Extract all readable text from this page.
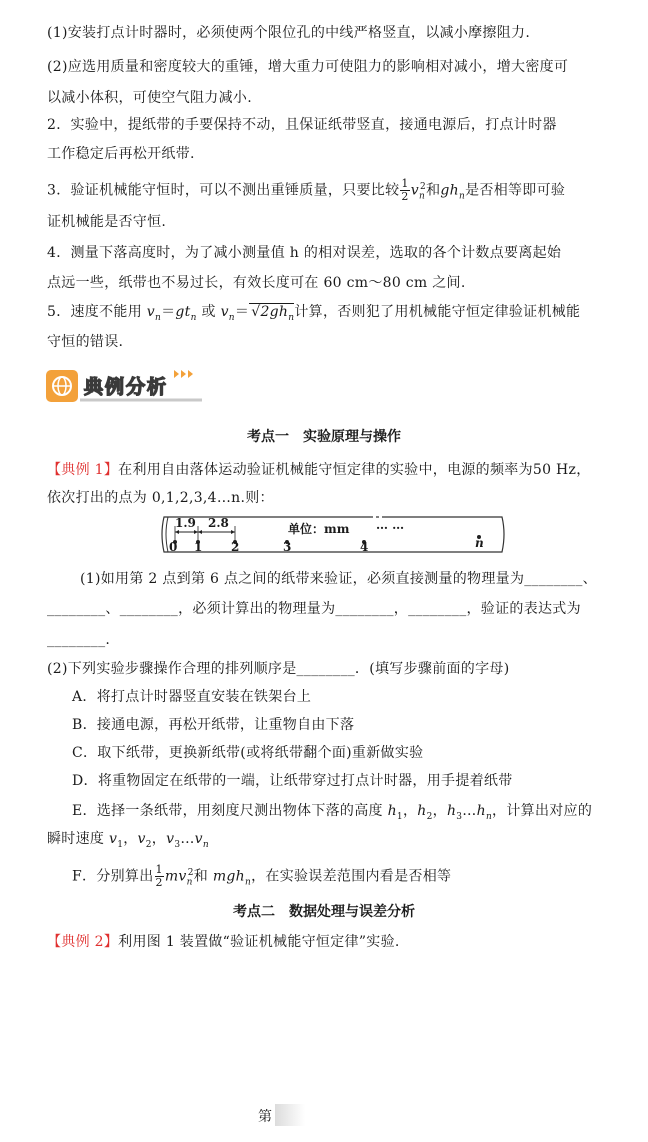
(1)安装打点计时器时，必须使两个限位孔的中线严格竖直，以减小摩擦阻力.
(2)应选用质量和密度较大的重锤，增大重力可使阻力的影响相对减小，增大密度可
以减小体积，可使空气阻力减小.
2．实验中，提纸带的手要保持不动，且保证纸带竖直，接通电源后，打点计时器
工作稳定后再松开纸带.
3．验证机械能守恒时，可以不测出重锤质量，只要比较 $\frac{1}{2} v_n^2$和$gh_n$是否相等即可验
证机械能是否守恒.
4．测量下落高度时，为了减小测量值 h 的相对误差，选取的各个计数点要离起始
点远一些，纸带也不易过长，有效长度可在 60 cm～80 cm 之间.
5．速度不能用 $v_n=gt_n$ 或 $v_n= √2gh_n$计算，否则犯了用机械能守恒定律验证机械能
守恒的错误.
典例分析
考点一　实验原理与操作
【典例 1】在利用自由落体运动验证机械能守恒定律的实验中，电源的频率为50 Hz，
依次打出的点为 0,1,2,3,4…n.则：
1.9 2.8	单位：mm … …
0 1 2	3	4	n
(1)如用第 2 点到第 6 点之间的纸带来验证，必须直接测量的物理量为________、
________、________，必须计算出的物理量为________，________，验证的表达式为
________.
(2)下列实验步骤操作合理的排列顺序是________．(填写步骤前面的字母)
A．将打点计时器竖直安装在铁架台上
B．接通电源，再松开纸带，让重物自由下落
C．取下纸带，更换新纸带(或将纸带翻个面)重新做实验
D．将重物固定在纸带的一端，让纸带穿过打点计时器，用手提着纸带
E．选择一条纸带，用刻度尺测出物体下落的高度 $h_1$，$h_2$，$h_3\dots h_n$，计算出对应的
瞬时速度 $v_1$，$v_2$，$v_3\dots v_n$
F．分别算出 $\frac{1}{2} mv_n^2$和 mgh$_n$，在实验误差范围内看是否相等
考点二　数据处理与误差分析
【典例 2】利用图 1 装置做“验证机械能守恒定律”实验.
第
